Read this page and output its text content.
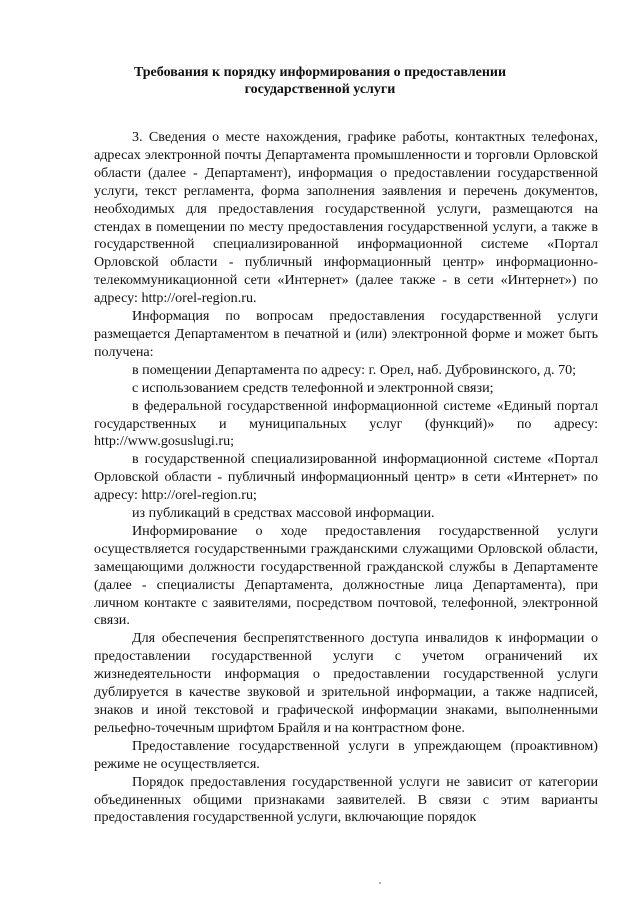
Требования к порядку информирования о предоставлении
государственной услуги

3. Сведения о месте нахождения, графике работы, контактных телефонах, адресах электронной почты Департамента промышленности и торговли Орловской области (далее - Департамент), информация о предоставлении государственной услуги, текст регламента, форма заполнения заявления и перечень документов, необходимых для предоставления государственной услуги, размещаются на стендах в помещении по месту предоставления государственной услуги, а также в государственной специализированной информационной системе «Портал Орловской области - публичный информационный центр» информационно-телекоммуникационной сети «Интернет» (далее также - в сети «Интернет») по адресу: http://orel-region.ru.

Информация по вопросам предоставления государственной услуги размещается Департаментом в печатной и (или) электронной форме и может быть получена:

в помещении Департамента по адресу: г. Орел, наб. Дубровинского, д. 70;

с использованием средств телефонной и электронной связи;

в федеральной государственной информационной системе «Единый портал государственных и муниципальных услуг (функций)» по адресу: http://www.gosuslugi.ru;

в государственной специализированной информационной системе «Портал Орловской области - публичный информационный центр» в сети «Интернет» по адресу: http://orel-region.ru;

из публикаций в средствах массовой информации.

Информирование о ходе предоставления государственной услуги осуществляется государственными гражданскими служащими Орловской области, замещающими должности государственной гражданской службы в Департаменте (далее - специалисты Департамента, должностные лица Департамента), при личном контакте с заявителями, посредством почтовой, телефонной, электронной связи.

Для обеспечения беспрепятственного доступа инвалидов к информации о предоставлении государственной услуги с учетом ограничений их жизнедеятельности информация о предоставлении государственной услуги дублируется в качестве звуковой и зрительной информации, а также надписей, знаков и иной текстовой и графической информации знаками, выполненными рельефно-точечным шрифтом Брайля и на контрастном фоне.

Предоставление государственной услуги в упреждающем (проактивном) режиме не осуществляется.

Порядок предоставления государственной услуги не зависит от категории объединенных общими признаками заявителей. В связи с этим варианты предоставления государственной услуги, включающие порядок
